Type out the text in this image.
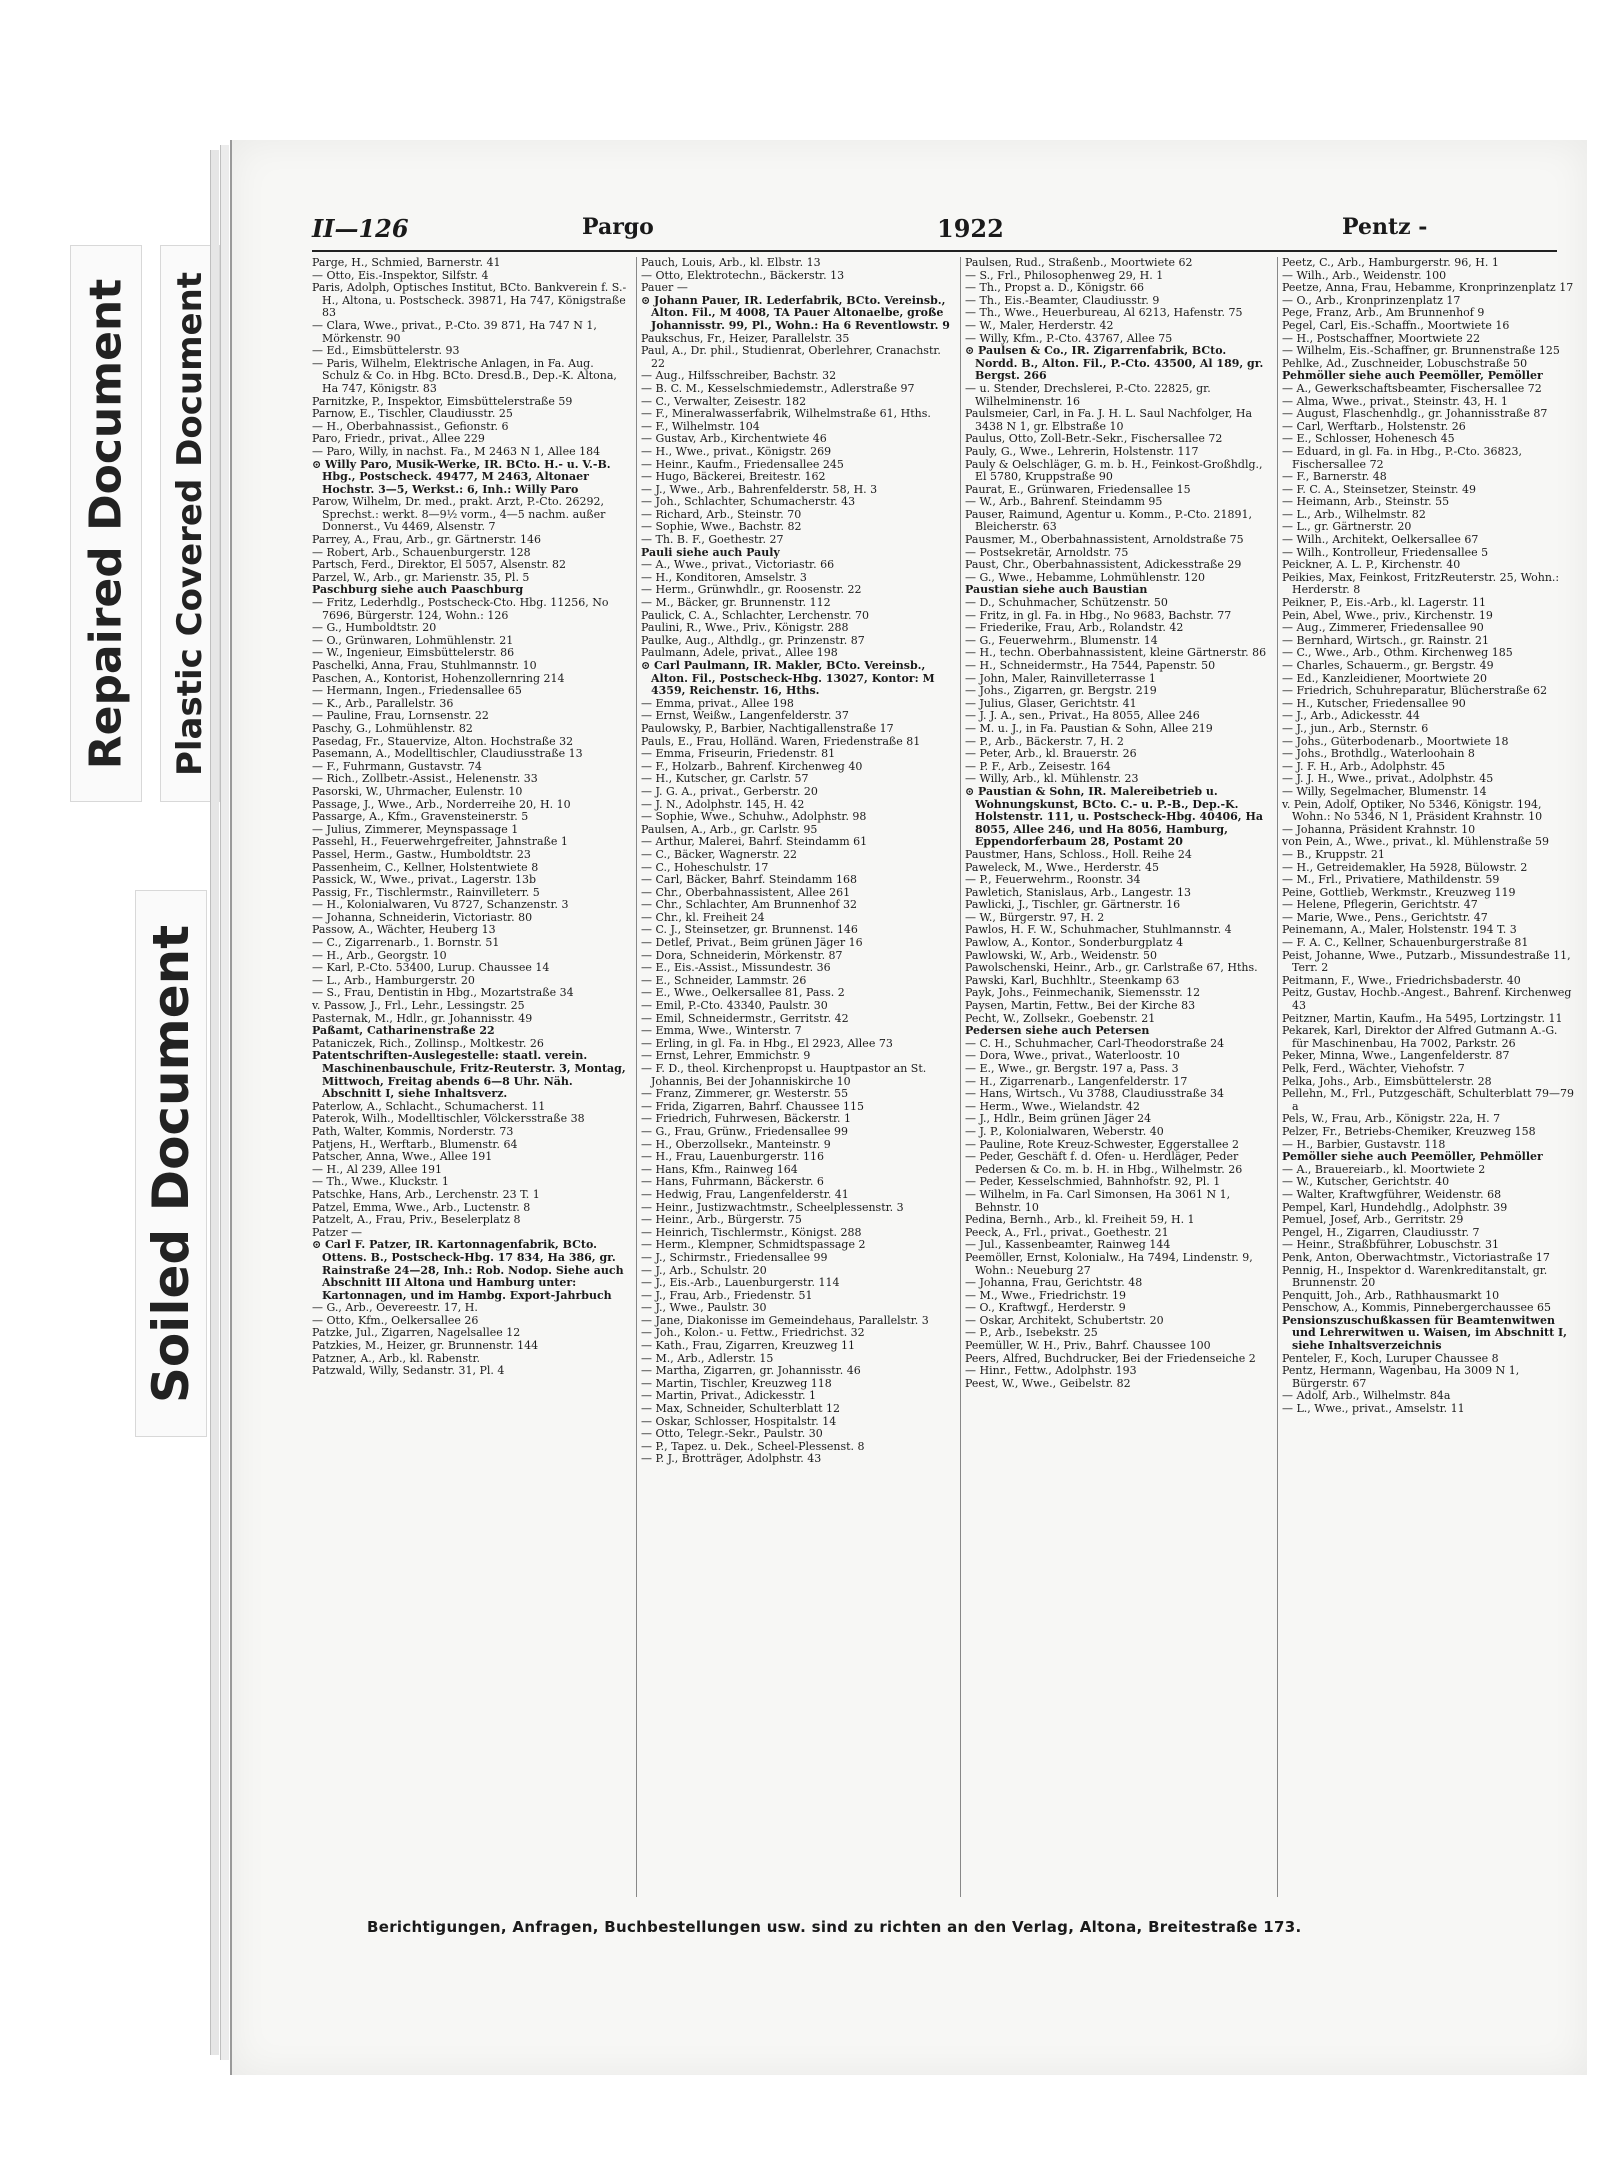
Repaired Document Plastic Covered Document
Soiled Document
II—126	Pargo	1922	Pentz -

Parge, H., Schmied, Barnerstr. 41

— Otto, Eis.-Inspektor, Silfstr. 4

Paris, Adolph, Optisches Institut, BCto. Bankverein f. S.-H., Altona, u. Postscheck. 39871, Ha 747, Königstraße 83

— Clara, Wwe., privat., P.-Cto. 39 871, Ha 747 N 1, Mörkenstr. 90

— Ed., Eimsbüttelerstr. 93

— Paris, Wilhelm, Elektrische Anlagen, in Fa. Aug. Schulz & Co. in Hbg. BCto. Dresd.B., Dep.-K. Altona, Ha 747, Königstr. 83

Parnitzke, P., Inspektor, Eimsbüttelerstraße 59

Parnow, E., Tischler, Claudiusstr. 25

— H., Oberbahnassist., Gefionstr. 6

Paro, Friedr., privat., Allee 229

— Paro, Willy, in nachst. Fa., M 2463 N 1, Allee 184

⊙ Willy Paro, Musik-Werke, IR. BCto. H.- u. V.-B. Hbg., Postscheck. 49477, M 2463, Altonaer Hochstr. 3—5, Werkst.: 6, Inh.: Willy Paro

Parow, Wilhelm, Dr. med., prakt. Arzt, P.-Cto. 26292, Sprechst.: werkt. 8—9½ vorm., 4—5 nachm. außer Donnerst., Vu 4469, Alsenstr. 7

Parrey, A., Frau, Arb., gr. Gärtnerstr. 146

— Robert, Arb., Schauenburgerstr. 128

Partsch, Ferd., Direktor, El 5057, Alsenstr. 82

Parzel, W., Arb., gr. Marienstr. 35, Pl. 5

Paschburg siehe auch Paaschburg

— Fritz, Lederhdlg., Postscheck-Cto. Hbg. 11256, No 7696, Bürgerstr. 124, Wohn.: 126

— G., Humboldtstr. 20

— O., Grünwaren, Lohmühlenstr. 21

— W., Ingenieur, Eimsbüttelerstr. 86

Paschelki, Anna, Frau, Stuhlmannstr. 10

Paschen, A., Kontorist, Hohenzollernring 214

— Hermann, Ingen., Friedensallee 65

— K., Arb., Parallelstr. 36

— Pauline, Frau, Lornsenstr. 22

Paschy, G., Lohmühlenstr. 82

Pasedag, Fr., Stauervize, Alton. Hochstraße 32

Pasemann, A., Modelltischler, Claudiusstraße 13

— F., Fuhrmann, Gustavstr. 74

— Rich., Zollbetr.-Assist., Helenenstr. 33

Pasorski, W., Uhrmacher, Eulenstr. 10

Passage, J., Wwe., Arb., Norderreihe 20, H. 10

Passarge, A., Kfm., Gravensteinerstr. 5

— Julius, Zimmerer, Meynspassage 1

Passehl, H., Feuerwehrgefreiter, Jahnstraße 1

Passel, Herm., Gastw., Humboldtstr. 23

Passenheim, C., Kellner, Holstentwiete 8

Passick, W., Wwe., privat., Lagerstr. 13b

Passig, Fr., Tischlermstr., Rainvilleterr. 5

— H., Kolonialwaren, Vu 8727, Schanzenstr. 3

— Johanna, Schneiderin, Victoriastr. 80

Passow, A., Wächter, Heuberg 13

— C., Zigarrenarb., 1. Bornstr. 51

— H., Arb., Georgstr. 10

— Karl, P.-Cto. 53400, Lurup. Chaussee 14

— L., Arb., Hamburgerstr. 20

— S., Frau, Dentistin in Hbg., Mozartstraße 34

v. Passow, J., Frl., Lehr., Lessingstr. 25

Pasternak, M., Hdlr., gr. Johannisstr. 49

Paßamt, Catharinenstraße 22

Pataniczek, Rich., Zollinsp., Moltkestr. 26

Patentschriften-Auslegestelle: staatl. verein. Maschinenbauschule, Fritz-Reuterstr. 3, Montag, Mittwoch, Freitag abends 6—8 Uhr. Näh. Abschnitt I, siehe Inhaltsverz.

Paterlow, A., Schlacht., Schumacherst. 11

Paterok, Wilh., Modelltischler, Völckersstraße 38

Path, Walter, Kommis, Norderstr. 73

Patjens, H., Werftarb., Blumenstr. 64

Patscher, Anna, Wwe., Allee 191

— H., Al 239, Allee 191

— Th., Wwe., Kluckstr. 1

Patschke, Hans, Arb., Lerchenstr. 23 T. 1

Patzel, Emma, Wwe., Arb., Luctenstr. 8

Patzelt, A., Frau, Priv., Beselerplatz 8

Patzer —

⊙ Carl F. Patzer, IR. Kartonnagenfabrik, BCto. Ottens. B., Postscheck-Hbg. 17 834, Ha 386, gr. Rainstraße 24—28, Inh.: Rob. Nodop. Siehe auch Abschnitt III Altona und Hamburg unter: Kartonnagen, und im Hambg. Export-Jahrbuch

— G., Arb., Oevereestr. 17, H.

— Otto, Kfm., Oelkersallee 26

Patzke, Jul., Zigarren, Nagelsallee 12

Patzkies, M., Heizer, gr. Brunnenstr. 144

Patzner, A., Arb., kl. Rabenstr.

Patzwald, Willy, Sedanstr. 31, Pl. 4

Pauch, Louis, Arb., kl. Elbstr. 13

— Otto, Elektrotechn., Bäckerstr. 13

Pauer —

⊙ Johann Pauer, IR. Lederfabrik, BCto. Vereinsb., Alton. Fil., M 4008, TA Pauer Altonaelbe, große Johannisstr. 99, Pl., Wohn.: Ha 6 Reventlowstr. 9

Paukschus, Fr., Heizer, Parallelstr. 35

Paul, A., Dr. phil., Studienrat, Oberlehrer, Cranachstr. 22

— Aug., Hilfsschreiber, Bachstr. 32

— B. C. M., Kesselschmiedemstr., Adlerstraße 97

— C., Verwalter, Zeisestr. 182

— F., Mineralwasserfabrik, Wilhelmstraße 61, Hths.

— F., Wilhelmstr. 104

— Gustav, Arb., Kirchentwiete 46

— H., Wwe., privat., Königstr. 269

— Heinr., Kaufm., Friedensallee 245

— Hugo, Bäckerei, Breitestr. 162

— J., Wwe., Arb., Bahrenfelderstr. 58, H. 3

— Joh., Schlachter, Schumacherstr. 43

— Richard, Arb., Steinstr. 70

— Sophie, Wwe., Bachstr. 82

— Th. B. F., Goethestr. 27

Pauli siehe auch Pauly

— A., Wwe., privat., Victoriastr. 66

— H., Konditoren, Amselstr. 3

— Herm., Grünwhdlr., gr. Roosenstr. 22

— M., Bäcker, gr. Brunnenstr. 112

Paulick, C. A., Schlachter, Lerchenstr. 70

Paulini, R., Wwe., Priv., Königstr. 288

Paulke, Aug., Althdlg., gr. Prinzenstr. 87

Paulmann, Adele, privat., Allee 198

⊙ Carl Paulmann, IR. Makler, BCto. Vereinsb., Alton. Fil., Postscheck-Hbg. 13027, Kontor: M 4359, Reichenstr. 16, Hths.

— Emma, privat., Allee 198

— Ernst, Weißw., Langenfelderstr. 37

Paulowsky, P., Barbier, Nachtigallenstraße 17

Pauls, E., Frau, Holländ. Waren, Friedenstraße 81

— Emma, Friseurin, Friedenstr. 81

— F., Holzarb., Bahrenf. Kirchenweg 40

— H., Kutscher, gr. Carlstr. 57

— J. G. A., privat., Gerberstr. 20

— J. N., Adolphstr. 145, H. 42

— Sophie, Wwe., Schuhw., Adolphstr. 98

Paulsen, A., Arb., gr. Carlstr. 95

— Arthur, Malerei, Bahrf. Steindamm 61

— C., Bäcker, Wagnerstr. 22

— C., Hoheschulstr. 17

— Carl, Bäcker, Bahrf. Steindamm 168

— Chr., Oberbahnassistent, Allee 261

— Chr., Schlachter, Am Brunnenhof 32

— Chr., kl. Freiheit 24

— C. J., Steinsetzer, gr. Brunnenst. 146

— Detlef, Privat., Beim grünen Jäger 16

— Dora, Schneiderin, Mörkenstr. 87

— E., Eis.-Assist., Missundestr. 36

— E., Schneider, Lammstr. 26

— E., Wwe., Oelkersallee 81, Pass. 2

— Emil, P.-Cto. 43340, Paulstr. 30

— Emil, Schneidermstr., Gerritstr. 42

— Emma, Wwe., Winterstr. 7

— Erling, in gl. Fa. in Hbg., El 2923, Allee 73

— Ernst, Lehrer, Emmichstr. 9

— F. D., theol. Kirchenpropst u. Hauptpastor an St. Johannis, Bei der Johanniskirche 10

— Franz, Zimmerer, gr. Westerstr. 55

— Frida, Zigarren, Bahrf. Chaussee 115

— Friedrich, Fuhrwesen, Bäckerstr. 1

— G., Frau, Grünw., Friedensallee 99

— H., Oberzollsekr., Manteinstr. 9

— H., Frau, Lauenburgerstr. 116

— Hans, Kfm., Rainweg 164

— Hans, Fuhrmann, Bäckerstr. 6

— Hedwig, Frau, Langenfelderstr. 41

— Heinr., Justizwachtmstr., Scheelplessenstr. 3

— Heinr., Arb., Bürgerstr. 75

— Heinrich, Tischlermstr., Königst. 288

— Herm., Klempner, Schmidtspassage 2

— J., Schirmstr., Friedensallee 99

— J., Arb., Schulstr. 20

— J., Eis.-Arb., Lauenburgerstr. 114

— J., Frau, Arb., Friedenstr. 51

— J., Wwe., Paulstr. 30

— Jane, Diakonisse im Gemeindehaus, Parallelstr. 3

— Joh., Kolon.- u. Fettw., Friedrichst. 32

— Kath., Frau, Zigarren, Kreuzweg 11

— M., Arb., Adlerstr. 15

— Martha, Zigarren, gr. Johannisstr. 46

— Martin, Tischler, Kreuzweg 118

— Martin, Privat., Adickesstr. 1

— Max, Schneider, Schulterblatt 12

— Oskar, Schlosser, Hospitalstr. 14

— Otto, Telegr.-Sekr., Paulstr. 30

— P., Tapez. u. Dek., Scheel-Plessenst. 8

— P. J., Brotträger, Adolphstr. 43

Paulsen, Rud., Straßenb., Moortwiete 62

— S., Frl., Philosophenweg 29, H. 1

— Th., Propst a. D., Königstr. 66

— Th., Eis.-Beamter, Claudiusstr. 9

— Th., Wwe., Heuerbureau, Al 6213, Hafenstr. 75

— W., Maler, Herderstr. 42

— Willy, Kfm., P.-Cto. 43767, Allee 75

⊙ Paulsen & Co., IR. Zigarrenfabrik, BCto. Nordd. B., Alton. Fil., P.-Cto. 43500, Al 189, gr. Bergst. 266

— u. Stender, Drechslerei, P.-Cto. 22825, gr. Wilhelminenstr. 16

Paulsmeier, Carl, in Fa. J. H. L. Saul Nachfolger, Ha 3438 N 1, gr. Elbstraße 10

Paulus, Otto, Zoll-Betr.-Sekr., Fischersallee 72

Pauly, G., Wwe., Lehrerin, Holstenstr. 117

Pauly & Oelschläger, G. m. b. H., Feinkost-Großhdlg., El 5780, Kruppstraße 90

Paurat, E., Grünwaren, Friedensallee 15

— W., Arb., Bahrenf. Steindamm 95

Pauser, Raimund, Agentur u. Komm., P.-Cto. 21891, Bleicherstr. 63

Pausmer, M., Oberbahnassistent, Arnoldstraße 75

— Postsekretär, Arnoldstr. 75

Paust, Chr., Oberbahnassistent, Adickesstraße 29

— G., Wwe., Hebamme, Lohmühlenstr. 120

Paustian siehe auch Baustian

— D., Schuhmacher, Schützenstr. 50

— Fritz, in gl. Fa. in Hbg., No 9683, Bachstr. 77

— Friederike, Frau, Arb., Rolandstr. 42

— G., Feuerwehrm., Blumenstr. 14

— H., techn. Oberbahnassistent, kleine Gärtnerstr. 86

— H., Schneidermstr., Ha 7544, Papenstr. 50

— John, Maler, Rainvilleterrasse 1

— Johs., Zigarren, gr. Bergstr. 219

— Julius, Glaser, Gerichtstr. 41

— J. J. A., sen., Privat., Ha 8055, Allee 246

— M. u. J., in Fa. Paustian & Sohn, Allee 219

— P., Arb., Bäckerstr. 7, H. 2

— Peter, Arb., kl. Brauerstr. 26

— P. F., Arb., Zeisestr. 164

— Willy, Arb., kl. Mühlenstr. 23

⊙ Paustian & Sohn, IR. Malereibetrieb u. Wohnungskunst, BCto. C.- u. P.-B., Dep.-K. Holstenstr. 111, u. Postscheck-Hbg. 40406, Ha 8055, Allee 246, und Ha 8056, Hamburg, Eppendorferbaum 28, Postamt 20

Paustmer, Hans, Schloss., Holl. Reihe 24

Paweleck, M., Wwe., Herderstr. 45

— P., Feuerwehrm., Roonstr. 34

Pawletich, Stanislaus, Arb., Langestr. 13

Pawlicki, J., Tischler, gr. Gärtnerstr. 16

— W., Bürgerstr. 97, H. 2

Pawlos, H. F. W., Schuhmacher, Stuhlmannstr. 4

Pawlow, A., Kontor., Sonderburgplatz 4

Pawlowski, W., Arb., Weidenstr. 50

Pawolschenski, Heinr., Arb., gr. Carlstraße 67, Hths.

Pawski, Karl, Buchhltr., Steenkamp 63

Payk, Johs., Feinmechanik, Siemensstr. 12

Paysen, Martin, Fettw., Bei der Kirche 83

Pecht, W., Zollsekr., Goebenstr. 21

Pedersen siehe auch Petersen

— C. H., Schuhmacher, Carl-Theodorstraße 24

— Dora, Wwe., privat., Waterloostr. 10

— E., Wwe., gr. Bergstr. 197 a, Pass. 3

— H., Zigarrenarb., Langenfelderstr. 17

— Hans, Wirtsch., Vu 3788, Claudiusstraße 34

— Herm., Wwe., Wielandstr. 42

— J., Hdlr., Beim grünen Jäger 24

— J. P., Kolonialwaren, Weberstr. 40

— Pauline, Rote Kreuz-Schwester, Eggerstallee 2

— Peder, Geschäft f. d. Ofen- u. Herdläger, Peder Pedersen & Co. m. b. H. in Hbg., Wilhelmstr. 26

— Peder, Kesselschmied, Bahnhofstr. 92, Pl. 1

— Wilhelm, in Fa. Carl Simonsen, Ha 3061 N 1, Behnstr. 10

Pedina, Bernh., Arb., kl. Freiheit 59, H. 1

Peeck, A., Frl., privat., Goethestr. 21

— Jul., Kassenbeamter, Rainweg 144

Peemöller, Ernst, Kolonialw., Ha 7494, Lindenstr. 9, Wohn.: Neueburg 27

— Johanna, Frau, Gerichtstr. 48

— M., Wwe., Friedrichstr. 19

— O., Kraftwgf., Herderstr. 9

— Oskar, Architekt, Schubertstr. 20

— P., Arb., Isebekstr. 25

Peemüller, W. H., Priv., Bahrf. Chaussee 100

Peers, Alfred, Buchdrucker, Bei der Friedenseiche 2

— Hinr., Fettw., Adolphstr. 193

Peest, W., Wwe., Geibelstr. 82

Peetz, C., Arb., Hamburgerstr. 96, H. 1

— Wilh., Arb., Weidenstr. 100

Peetze, Anna, Frau, Hebamme, Kronprinzenplatz 17

— O., Arb., Kronprinzenplatz 17

Pege, Franz, Arb., Am Brunnenhof 9

Pegel, Carl, Eis.-Schaffn., Moortwiete 16

— H., Postschaffner, Moortwiete 22

— Wilhelm, Eis.-Schaffner, gr. Brunnenstraße 125

Pehlke, Ad., Zuschneider, Lobuschstraße 50

Pehmöller siehe auch Peemöller, Pemöller

— A., Gewerkschaftsbeamter, Fischersallee 72

— Alma, Wwe., privat., Steinstr. 43, H. 1

— August, Flaschenhdlg., gr. Johannisstraße 87

— Carl, Werftarb., Holstenstr. 26

— E., Schlosser, Hohenesch 45

— Eduard, in gl. Fa. in Hbg., P.-Cto. 36823, Fischersallee 72

— F., Barnerstr. 48

— F. C. A., Steinsetzer, Steinstr. 49

— Heimann, Arb., Steinstr. 55

— L., Arb., Wilhelmstr. 82

— L., gr. Gärtnerstr. 20

— Wilh., Architekt, Oelkersallee 67

— Wilh., Kontrolleur, Friedensallee 5

Peickner, A. L. P., Kirchenstr. 40

Peikies, Max, Feinkost, FritzReuterstr. 25, Wohn.: Herderstr. 8

Peikner, P., Eis.-Arb., kl. Lagerstr. 11

Pein, Abel, Wwe., priv., Kirchenstr. 19

— Aug., Zimmerer, Friedensallee 90

— Bernhard, Wirtsch., gr. Rainstr. 21

— C., Wwe., Arb., Othm. Kirchenweg 185

— Charles, Schauerm., gr. Bergstr. 49

— Ed., Kanzleidiener, Moortwiete 20

— Friedrich, Schuhreparatur, Blücherstraße 62

— H., Kutscher, Friedensallee 90

— J., Arb., Adickesstr. 44

— J., jun., Arb., Sternstr. 6

— Johs., Güterbodenarb., Moortwiete 18

— Johs., Brothdlg., Waterloohain 8

— J. F. H., Arb., Adolphstr. 45

— J. J. H., Wwe., privat., Adolphstr. 45

— Willy, Segelmacher, Blumenstr. 14

v. Pein, Adolf, Optiker, No 5346, Königstr. 194, Wohn.: No 5346, N 1, Präsident Krahnstr. 10

— Johanna, Präsident Krahnstr. 10

von Pein, A., Wwe., privat., kl. Mühlenstraße 59

— B., Kruppstr. 21

— H., Getreidemakler, Ha 5928, Bülowstr. 2

— M., Frl., Privatiere, Mathildenstr. 59

Peine, Gottlieb, Werkmstr., Kreuzweg 119

— Helene, Pflegerin, Gerichtstr. 47

— Marie, Wwe., Pens., Gerichtstr. 47

Peinemann, A., Maler, Holstenstr. 194 T. 3

— F. A. C., Kellner, Schauenburgerstraße 81

Peist, Johanne, Wwe., Putzarb., Missundestraße 11, Terr. 2

Peitmann, F., Wwe., Friedrichsbaderstr. 40

Peitz, Gustav, Hochb.-Angest., Bahrenf. Kirchenweg 43

Peitzner, Martin, Kaufm., Ha 5495, Lortzingstr. 11

Pekarek, Karl, Direktor der Alfred Gutmann A.-G. für Maschinenbau, Ha 7002, Parkstr. 26

Peker, Minna, Wwe., Langenfelderstr. 87

Pelk, Ferd., Wächter, Viehofstr. 7

Pelka, Johs., Arb., Eimsbüttelerstr. 28

Pellehn, M., Frl., Putzgeschäft, Schulterblatt 79—79 a

Pels, W., Frau, Arb., Königstr. 22a, H. 7

Pelzer, Fr., Betriebs-Chemiker, Kreuzweg 158

— H., Barbier, Gustavstr. 118

Pemöller siehe auch Peemöller, Pehmöller

— A., Brauereiarb., kl. Moortwiete 2

— W., Kutscher, Gerichtstr. 40

— Walter, Kraftwgführer, Weidenstr. 68

Pempel, Karl, Hundehdlg., Adolphstr. 39

Pemuel, Josef, Arb., Gerritstr. 29

Pengel, H., Zigarren, Claudiusstr. 7

— Heinr., Straßbführer, Lobuschstr. 31

Penk, Anton, Oberwachtmstr., Victoriastraße 17

Pennig, H., Inspektor d. Warenkreditanstalt, gr. Brunnenstr. 20

Penquitt, Joh., Arb., Rathhausmarkt 10

Penschow, A., Kommis, Pinnebergerchaussee 65

Pensionszuschußkassen für Beamtenwitwen und Lehrerwitwen u. Waisen, im Abschnitt I, siehe Inhaltsverzeichnis

Penteler, F., Koch, Luruper Chaussee 8

Pentz, Hermann, Wagenbau, Ha 3009 N 1, Bürgerstr. 67

— Adolf, Arb., Wilhelmstr. 84a

— L., Wwe., privat., Amselstr. 11

Berichtigungen, Anfragen, Buchbestellungen usw. sind zu richten an den Verlag, Altona, Breitestraße 173.
